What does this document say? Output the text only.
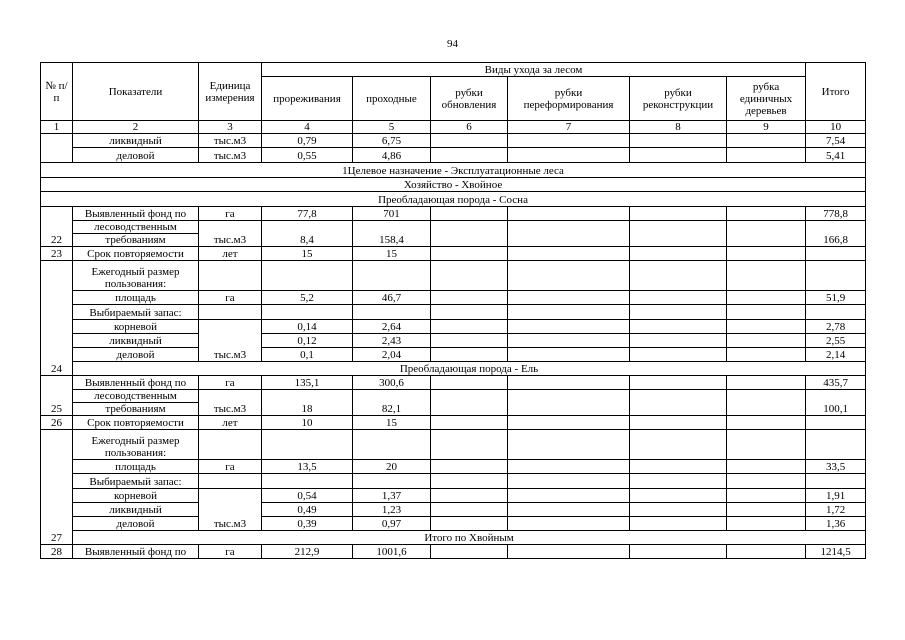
94
№ п/п	Показатели	Единица измерения	Виды ухода за лесом						Итого
			прореживания	проходные	рубки обновления	рубки переформирования	рубки реконструкции	рубка единичных деревьев	
1	2	3	4	5	6	7	8	9	10
	ликвидный	тыс.м3	0,79	6,75					7,54
	деловой	тыс.м3	0,55	4,86					5,41
1Целевое назначение - Эксплуатационные леса									
Хозяйство - Хвойное									
Преобладающая порода - Сосна									
22	Выявленный фонд по	га	77,8	701					778,8
	лесоводственным	тыс.м3	8,4	158,4					166,8
	требованиям								
23	Срок повторяемости	лет	15	15					
24	Ежегодный размер
пользования:								
	площадь	га	5,2	46,7					51,9
	Выбираемый запас:								
	корневой	тыс.м3	0,14	2,64					2,78
	ликвидный		0,12	2,43					2,55
	деловой		0,1	2,04					2,14
	Преобладающая порода - Ель								
25	Выявленный фонд по	га	135,1	300,6					435,7
	лесоводственным	тыс.м3	18	82,1					100,1
	требованиям								
26	Срок повторяемости	лет	10	15					
27	Ежегодный размер
пользования:								
	площадь	га	13,5	20					33,5
	Выбираемый запас:								
	корневой	тыс.м3	0,54	1,37					1,91
	ликвидный		0,49	1,23					1,72
	деловой		0,39	0,97					1,36
	Итого по Хвойным								
28	Выявленный фонд по	га	212,9	1001,6					1214,5
